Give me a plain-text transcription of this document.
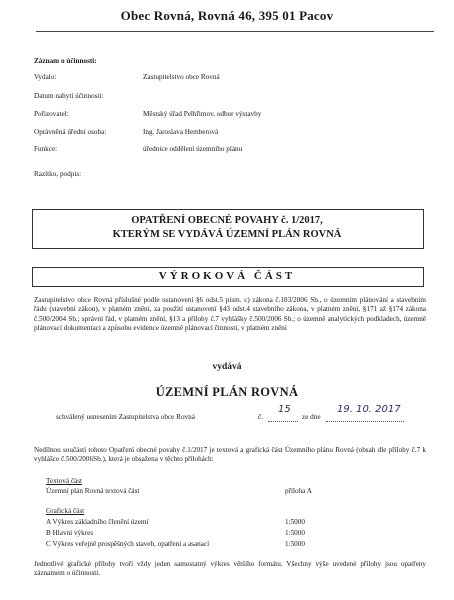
Obec Rovná, Rovná 46, 395 01 Pacov
Záznam o účinnosti:
Vydalo:	Zastupitelstvo obce Rovná
Datum nabytí účinnosti:
Pořizovatel:	Městský úřad Pelhřimov, odbor výstavby
Oprávněná úřední osoba:	Ing. Jaroslava Hemberová
Funkce:	úřednice oddělení územního plánu
Razítko, podpis:
OPATŘENÍ OBECNÉ POVAHY č. 1/2017,
KTERÝM SE VYDÁVÁ ÚZEMNÍ PLÁN ROVNÁ
VÝROKOVÁ ČÁST
Zastupitelstvo obce Rovná příslušné podle ustanovení §6 odst.5 písm. c) zákona č.183/2006 Sb., o územním plánování a stavebním řádu (stavební zákon), v platném znění, za použití ustanovení §43 odst.4 stavebního zákona, v platném znění, §171 až §174 zákona č.500/2004 Sb.; správní řád, v platném znění, §13 a přílohy č.7 vyhlášky č.500/2006 Sb.; o územně analytických podkladech, územně plánovací dokumentaci a způsobu evidence územně plánovací činnosti, v platném znění
vydává
ÚZEMNÍ PLÁN ROVNÁ
schválený usnesením Zastupitelstva obce Rovná	č.
15
ze dne
19. 10. 2017
Nedílnou součástí tohoto Opatření obecné povahy č.1/2017 je textová a grafická část Územního plánu Rovná (obsah dle přílohy č.7 k vyhlášce č.500/2006Sb.), která je obsažena v těchto přílohách:
Textová část
Územní plán Rovná textová část	příloha A
Grafická část
A Výkres základního členění území	1:5000
B Hlavní výkres	1:5000
C Výkres veřejně prospěšných staveb, opatření a asanací	1:5000
Jednotlivé grafické přílohy tvoří vždy jeden samostatný výkres většího formátu. Všechny výše uvedené přílohy jsou opatřeny záznamem o účinnosti.
